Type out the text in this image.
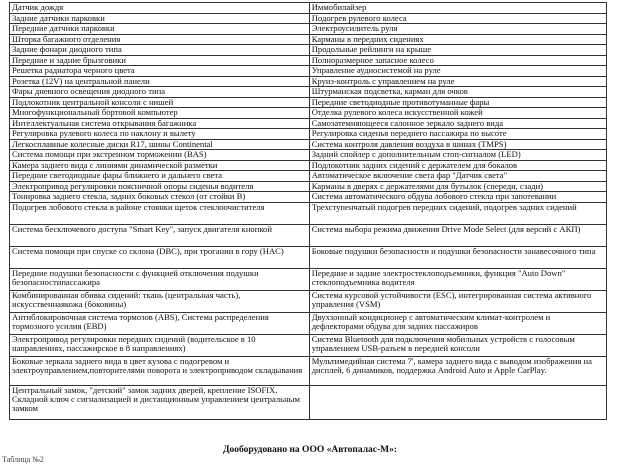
Датчик дождя	Иммобилайзер
Задние датчики парковки	Подогрев рулевого колеса
Передние датчики парковки	Электроусилитель руля
Шторка багажного отделения	Карманы в передних сидениях
Задние фонари диодного типа	Продольные рейлинги на крыше
Передние и задние брызговики	Полноразмерное запасное колесо
Решетка радиатора черного цвета	Управление аудиосистемой на руле
Розетка (12V) на центральной панели	Круиз-контроль с управлением на руле
Фары дневного освещения диодного типа	Штурманская подсветка, карман для очков
Подлокотник центральной консоли с нишей	Передние светодиодные противотуманные фары
Многофункциональный бортовой компьютер	Отделка рулевого колеса искусственной кожей
Интеллектуальная система открывания багажника	Самозатемняющееся салонное зеркало заднего вида
Регулировка рулевого колеса по наклону и вылету	Регулировка сиденья переднего пассажира по высоте
Легкосплавные колесные диски R17, шины Continental	Система контроля давления воздуха в шинах (TMPS)
Система помощи при экстренном торможении (BAS)	Задний спойлер с дополнительным стоп-сигналом (LED)
Камера заднего вида с линиями динамической разметки	Подлокотник задних сидений с держателем для бокалов
Передние светодиодные фары ближнего и дальнего света	Автоматическое включение света фар "Датчик света"
Электропривод регулировки поясничной опоры сиденья водителя	Карманы в дверях с держателями для бутылок (спереди, сзади)
Тонировка заднего стекла, задних боковых стекол (от стойки В)	Система автоматического обдува лобового стекла при запотевании
Подогрев лобового стекла в районе стоянки щеток стеклоочистителя	Трехступенчатый подогрев передних сидений, подогрев задних сидений
Система бесключевого доступа "Smart Key", запуск двигателя кнопкой	Система выбора режима движения Drive Mode Select (для версий с АКП)
Система помощи при спуске со склона (DBC), при трогании в гору (HAC)	Боковые подушки безопасности и подушки безопасности занавесочного типа
Передние подушки безопасности с функцией отключения подушки безопасностипассажира	Передние и задние электростеклоподъемники, функция "Auto Down" стеклоподъемника водителя
Комбинированная обивка сидений: ткань (центральная часть), искусственнаякожа (боковины)	Система курсовой устойчивости (ESC), интегрированная система активного управления (VSM)
Антиблокировочная система тормозов (ABS), Система распределения тормозного усилия (EBD)	Двухзонный кондиционер с автоматическим климат-контролем и дефлекторами обдува для задних пассажиров
Электропривод регулировки передних сидений (водительское в 10 направлениях, пассажирское в 8 направлениях)	Система Bluetooth для подключения мобильных устройств с голосовым управлением USB-разъем в передней консоли
Боковые зеркала заднего вида в цвет кузова с подогревом и электроуправлением,повторителями поворота и электроприводом складывания	Мультимедийная система 7', камера заднего вида с выводом изображения на дисплей, 6 динамиков, поддержка Android Auto и Apple CarPlay.
Центральный замок, "детский" замок задних дверей, крепление ISOFIX. Складной ключ с сигнализацией и дистанционным управлением центральным замком	
Дооборудовано на ООО «Автопалас-М»:
Таблица №2
